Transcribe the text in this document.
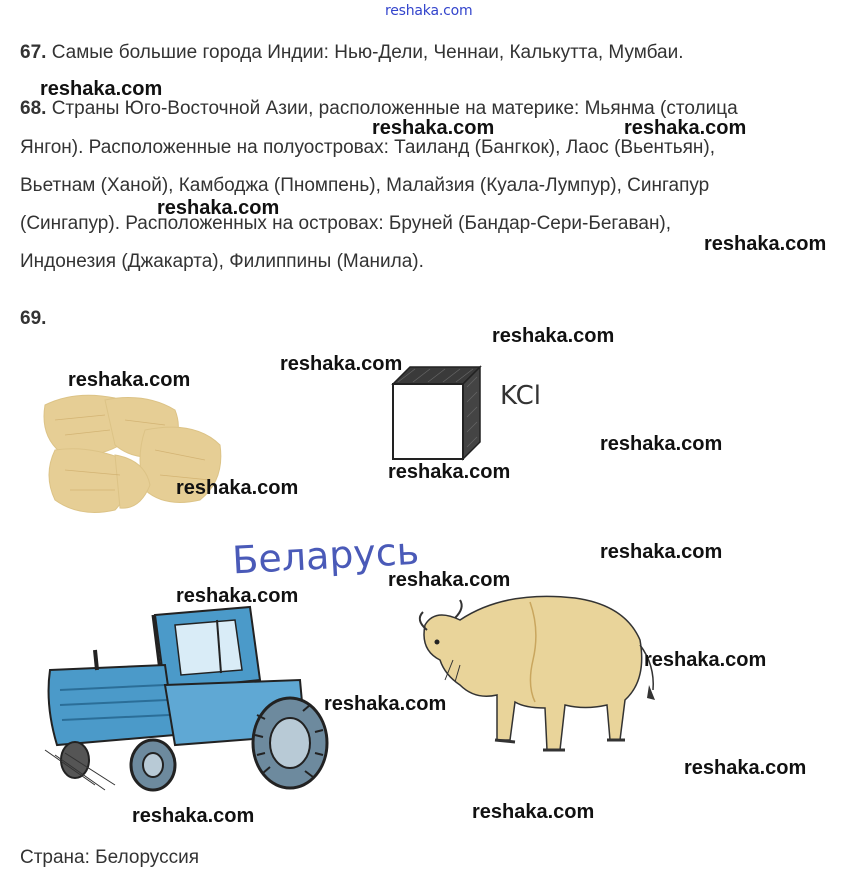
reshaka.com
67. Самые большие города Индии: Нью-Дели, Ченнаи, Калькутта, Мумбаи.
68. Страны Юго-Восточной Азии, расположенные на материке: Мьянма (столица
Янгон). Расположенные на полуостровах: Таиланд (Бангкок), Лаос (Вьентьян),
Вьетнам (Ханой), Камбоджа (Пномпень), Малайзия (Куала-Лумпур), Сингапур
(Сингапур). Расположенных на островах: Бруней (Бандар-Сери-Бегаван),
Индонезия (Джакарта), Филиппины (Манила).
69.
KCl
Беларусь
reshaka.com
reshaka.com	reshaka.com
reshaka.com
reshaka.com
reshaka.com
reshaka.com
reshaka.com
reshaka.com
reshaka.com
reshaka.com
reshaka.com
reshaka.com
reshaka.com
reshaka.com
reshaka.com
reshaka.com
reshaka.com
reshaka.com
Страна: Белоруссия
